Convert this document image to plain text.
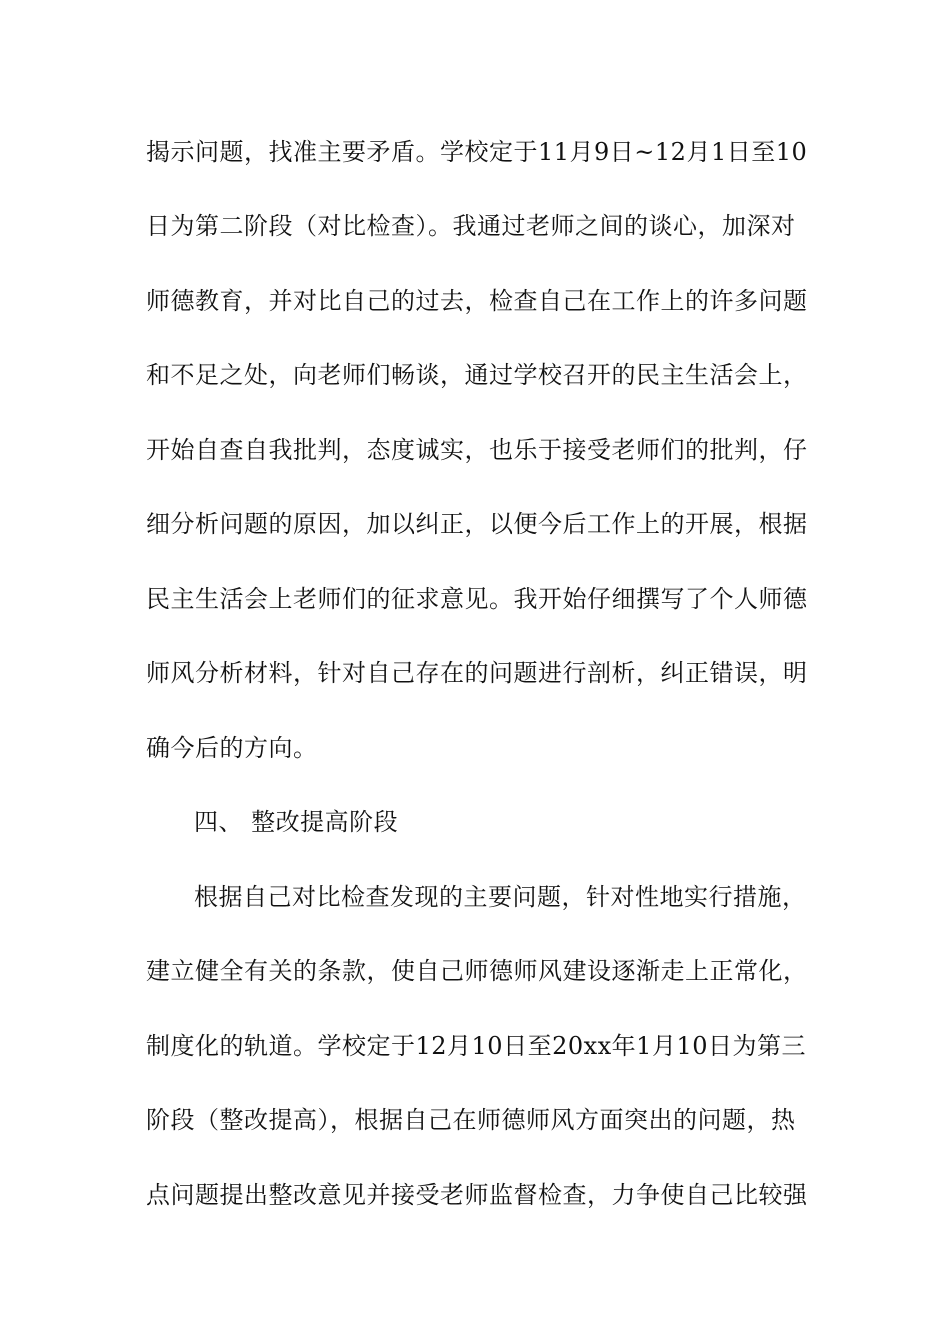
揭示问题，找准主要矛盾。学校定于11月9日~12月1日至10

日为第二阶段（对比检查）。我通过老师之间的谈心，加深对

师德教育，并对比自己的过去，检查自己在工作上的许多问题

和不足之处，向老师们畅谈，通过学校召开的民主生活会上，

开始自查自我批判，态度诚实，也乐于接受老师们的批判，仔

细分析问题的原因，加以纠正，以便今后工作上的开展，根据

民主生活会上老师们的征求意见。我开始仔细撰写了个人师德

师风分析材料，针对自己存在的问题进行剖析，纠正错误，明

确今后的方向。

四、 整改提高阶段

根据自己对比检查发现的主要问题，针对性地实行措施，

建立健全有关的条款，使自己师德师风建设逐渐走上正常化，

制度化的轨道。学校定于12月10日至20xx年1月10日为第三

阶段（整改提高），根据自己在师德师风方面突出的问题，热

点问题提出整改意见并接受老师监督检查，力争使自己比较强
